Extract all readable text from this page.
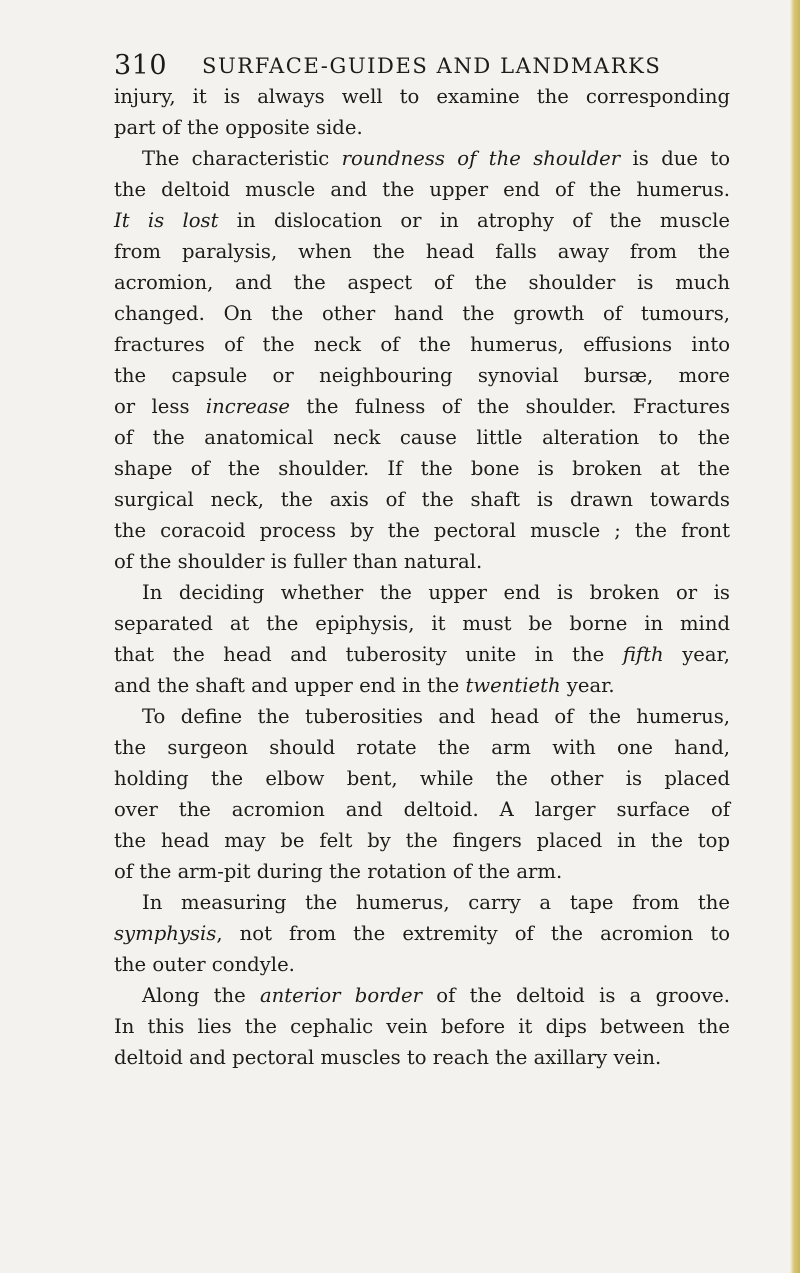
310 SURFACE-GUIDES AND LANDMARKS
injury, it is always well to examine the corresponding
part of the opposite side.
The characteristic roundness of the shoulder is due to
the deltoid muscle and the upper end of the humerus.
It is lost in dislocation or in atrophy of the muscle
from paralysis, when the head falls away from the
acromion, and the aspect of the shoulder is much
changed. On the other hand the growth of tumours,
fractures of the neck of the humerus, effusions into
the capsule or neighbouring synovial bursæ, more
or less increase the fulness of the shoulder. Fractures
of the anatomical neck cause little alteration to the
shape of the shoulder. If the bone is broken at the
surgical neck, the axis of the shaft is drawn towards
the coracoid process by the pectoral muscle ; the front
of the shoulder is fuller than natural.
In deciding whether the upper end is broken or is
separated at the epiphysis, it must be borne in mind
that the head and tuberosity unite in the fifth year,
and the shaft and upper end in the twentieth year.
To define the tuberosities and head of the humerus,
the surgeon should rotate the arm with one hand,
holding the elbow bent, while the other is placed
over the acromion and deltoid. A larger surface of
the head may be felt by the fingers placed in the top
of the arm-pit during the rotation of the arm.
In measuring the humerus, carry a tape from the
symphysis, not from the extremity of the acromion to
the outer condyle.
Along the anterior border of the deltoid is a groove.
In this lies the cephalic vein before it dips between the
deltoid and pectoral muscles to reach the axillary vein.
